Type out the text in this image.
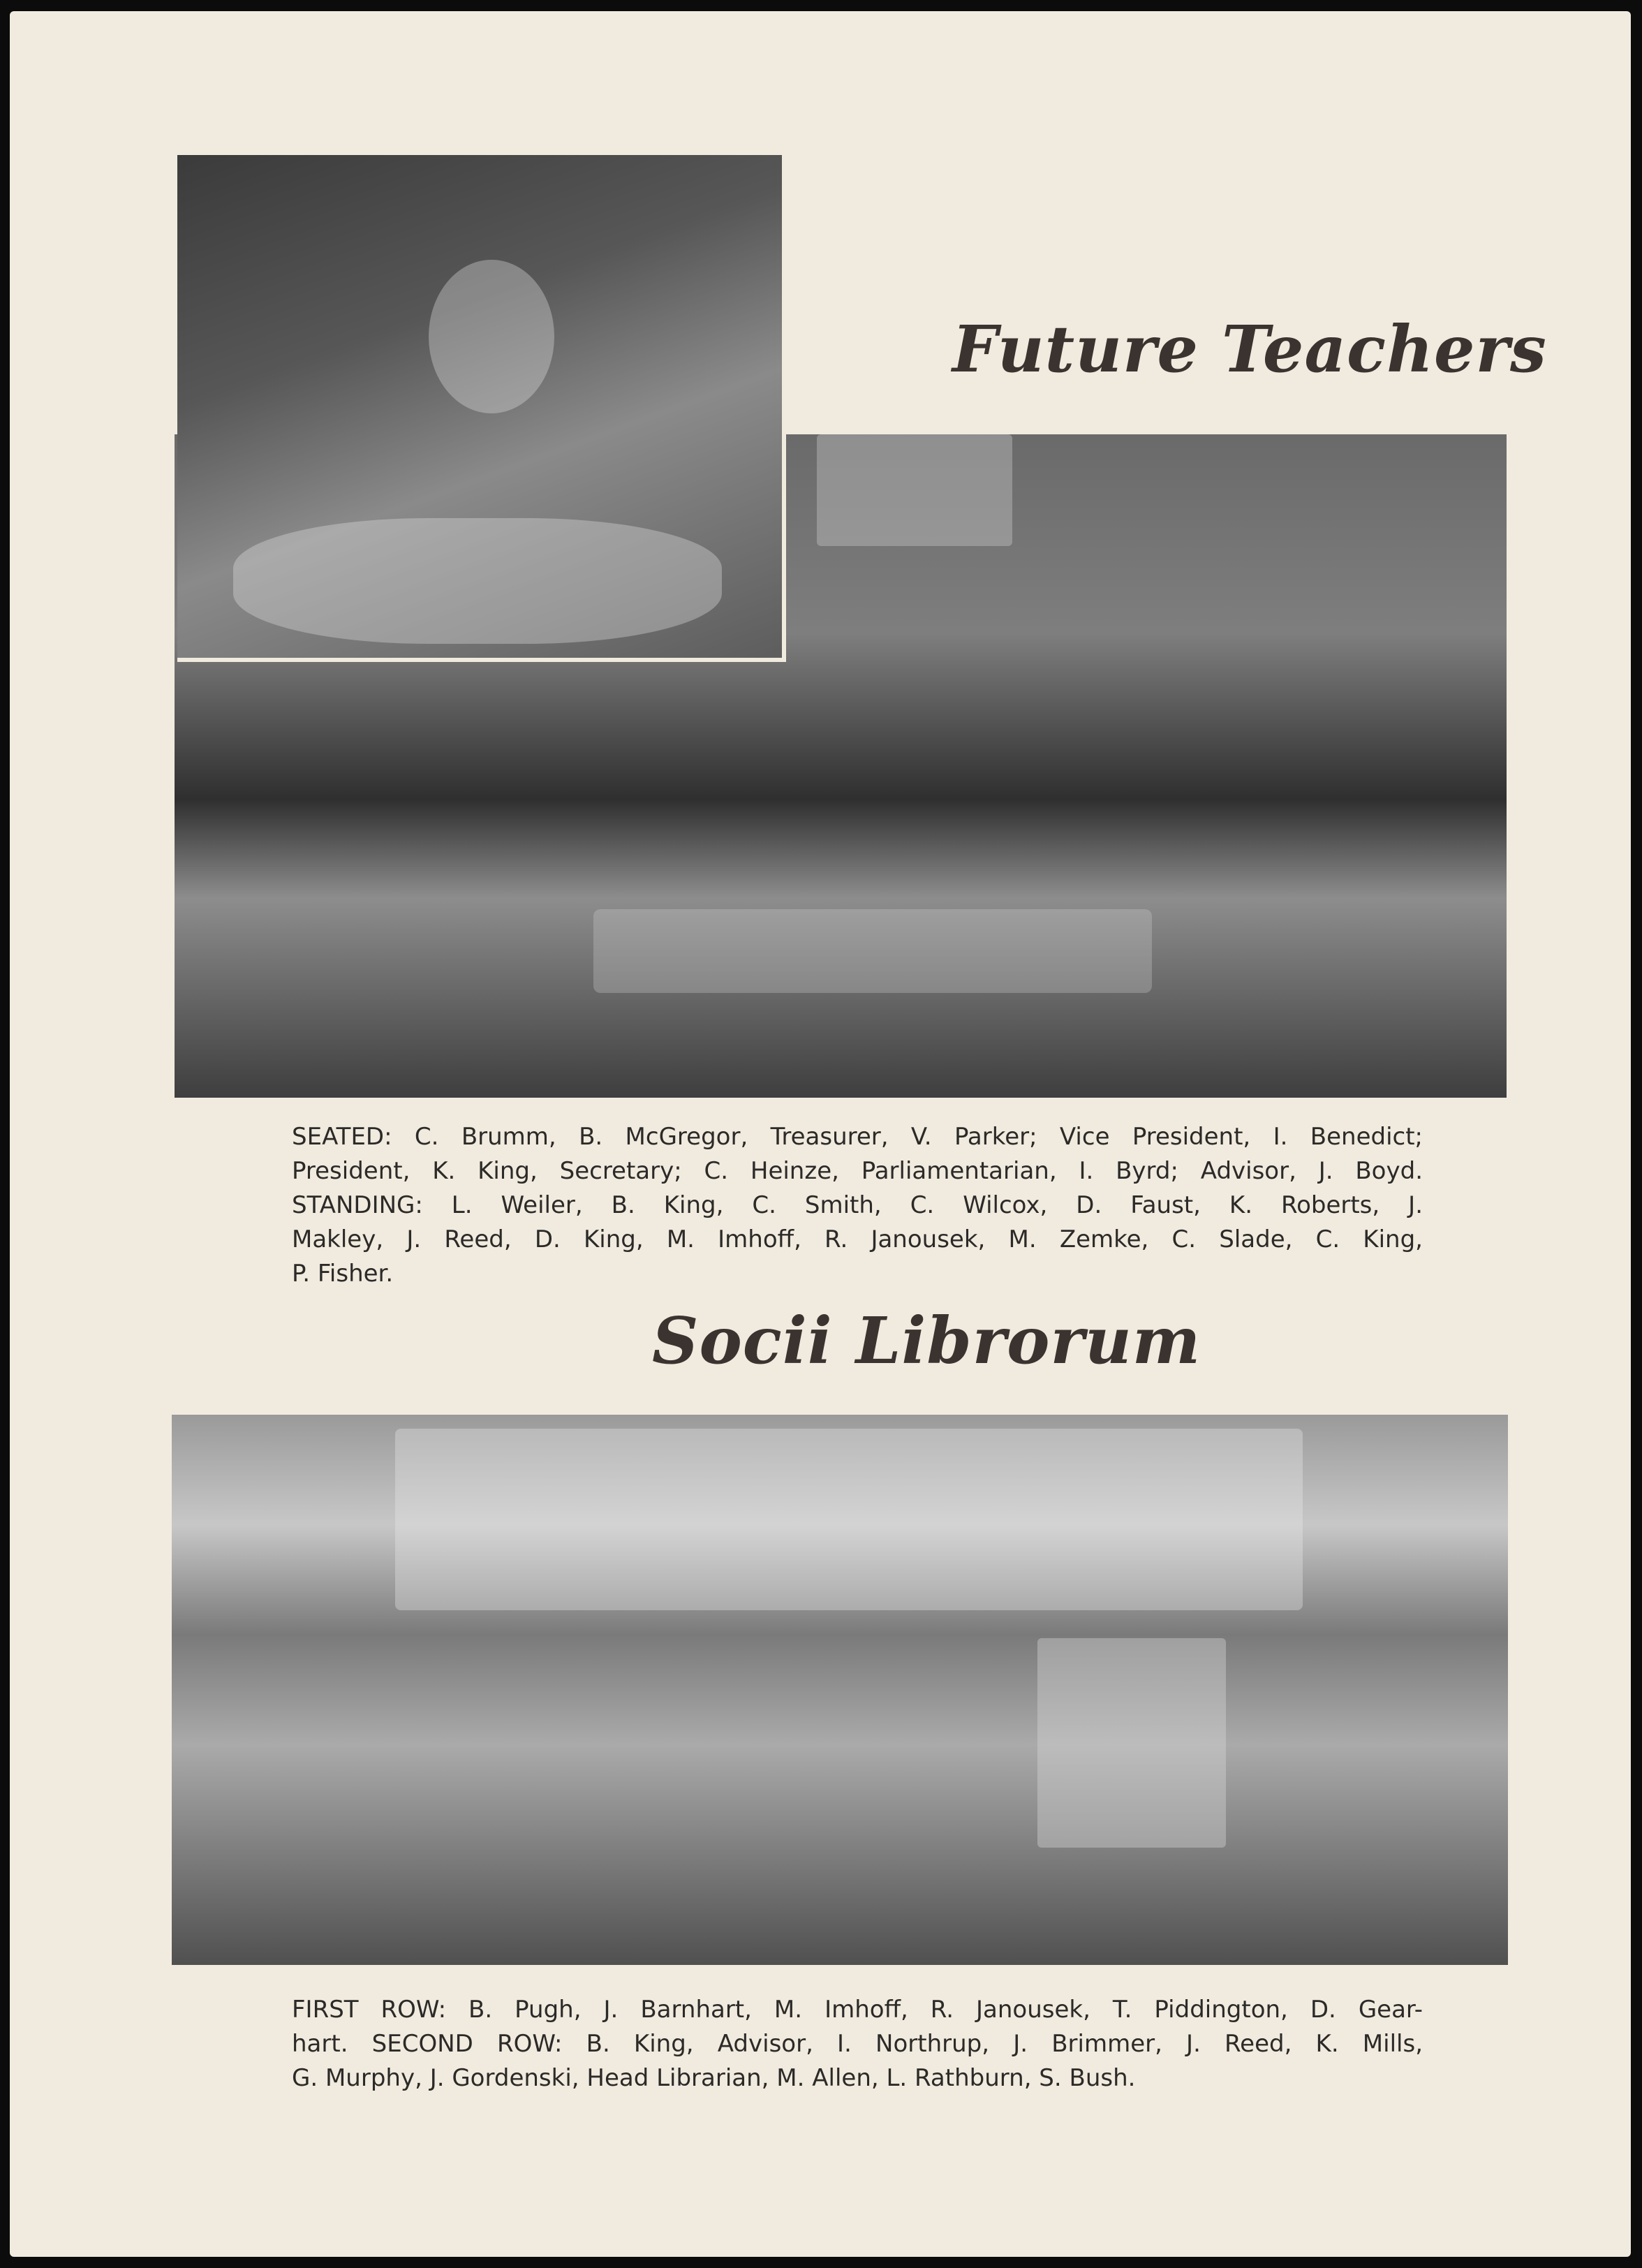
Future Teachers
SEATED: C. Brumm, B. McGregor, Treasurer, V. Parker; Vice President, I. Benedict;
President, K. King, Secretary; C. Heinze, Parliamentarian, I. Byrd; Advisor, J. Boyd.
STANDING: L. Weiler, B. King, C. Smith, C. Wilcox, D. Faust, K. Roberts, J.
Makley, J. Reed, D. King, M. Imhoff, R. Janousek, M. Zemke, C. Slade, C. King,
P. Fisher.
Socii Librorum
FIRST ROW: B. Pugh, J. Barnhart, M. Imhoff, R. Janousek, T. Piddington, D. Gear-
hart. SECOND ROW: B. King, Advisor, I. Northrup, J. Brimmer, J. Reed, K. Mills,
G. Murphy, J. Gordenski, Head Librarian, M. Allen, L. Rathburn, S. Bush.
